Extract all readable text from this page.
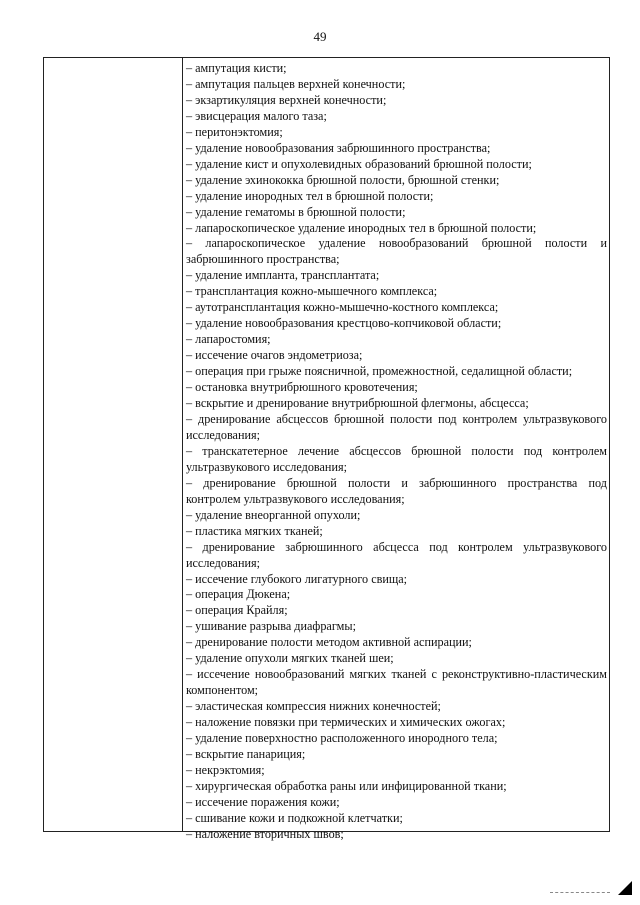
49

– ампутация кисти;

– ампутация пальцев верхней конечности;

– экзартикуляция верхней конечности;

– эвисцерация малого таза;

– перитонэктомия;

– удаление новообразования забрюшинного пространства;

– удаление кист и опухолевидных образований брюшной полости;

– удаление эхинококка брюшной полости, брюшной стенки;

– удаление инородных тел в брюшной полости;

– удаление гематомы в брюшной полости;

– лапароскопическое удаление инородных тел в брюшной полости;

– лапароскопическое удаление новообразований брюшной полости и забрюшинного пространства;

– удаление импланта, трансплантата;

– трансплантация кожно-мышечного комплекса;

– аутотрансплантация кожно-мышечно-костного комплекса;

– удаление новообразования крестцово-копчиковой области;

– лапаростомия;

– иссечение очагов эндометриоза;

– операция при грыже поясничной, промежностной, седалищной области;

– остановка внутрибрюшного кровотечения;

– вскрытие и дренирование внутрибрюшной флегмоны, абсцесса;

– дренирование абсцессов брюшной полости под контролем ультразвукового исследования;

– транскатетерное лечение абсцессов брюшной полости под контролем ультразвукового исследования;

– дренирование брюшной полости и забрюшинного пространства под контролем ультразвукового исследования;

– удаление внеорганной опухоли;

– пластика мягких тканей;

– дренирование забрюшинного абсцесса под контролем ультразвукового исследования;

– иссечение глубокого лигатурного свища;

– операция Дюкена;

– операция Крайля;

– ушивание разрыва диафрагмы;

– дренирование полости методом активной аспирации;

– удаление опухоли мягких тканей шеи;

– иссечение новообразований мягких тканей с реконструктивно-пластическим компонентом;

– эластическая компрессия нижних конечностей;

– наложение повязки при термических и химических ожогах;

– удаление поверхностно расположенного инородного тела;

– вскрытие панариция;

– некрэктомия;

– хирургическая обработка раны или инфицированной ткани;

– иссечение поражения кожи;

– сшивание кожи и подкожной клетчатки;

– наложение вторичных швов;
